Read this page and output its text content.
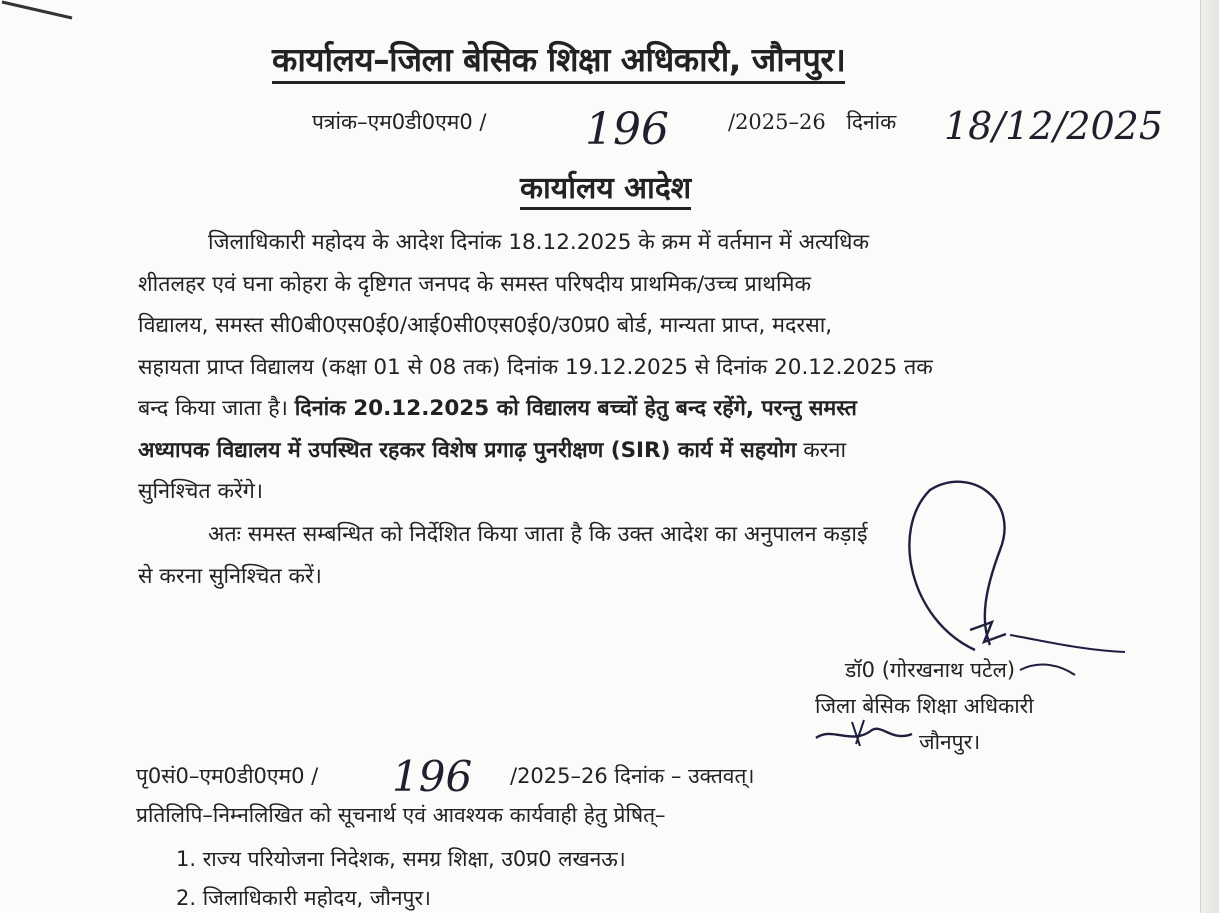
कार्यालय–जिला बेसिक शिक्षा अधिकारी, जौनपुर।
पत्रांक–एम0डी0एम0 / 196	/2025–26 दिनांक 18/12/2025
कार्यालय आदेश
जिलाधिकारी महोदय के आदेश दिनांक 18.12.2025 के क्रम में वर्तमान में अत्यधिक
शीतलहर एवं घना कोहरा के दृष्टिगत जनपद के समस्त परिषदीय प्राथमिक/उच्च प्राथमिक
विद्यालय, समस्त सी0बी0एस0ई0/आई0सी0एस0ई0/उ0प्र0 बोर्ड, मान्यता प्राप्त, मदरसा,
सहायता प्राप्त विद्यालय (कक्षा 01 से 08 तक) दिनांक 19.12.2025 से दिनांक 20.12.2025 तक
बन्द किया जाता है। दिनांक 20.12.2025 को विद्यालय बच्चों हेतु बन्द रहेंगे, परन्तु समस्त
अध्यापक विद्यालय में उपस्थित रहकर विशेष प्रगाढ़ पुनरीक्षण (SIR) कार्य में सहयोग करना
सुनिश्चित करेंगे।
अतः समस्त सम्बन्धित को निर्देशित किया जाता है कि उक्त आदेश का अनुपालन कड़ाई
से करना सुनिश्चित करें।
डॉ0 (गोरखनाथ पटेल)
जिला बेसिक शिक्षा अधिकारी
जौनपुर।
पृ0सं0–एम0डी0एम0 / 196 /2025–26 दिनांक – उक्तवत्।
प्रतिलिपि–निम्नलिखित को सूचनार्थ एवं आवश्यक कार्यवाही हेतु प्रेषित्–
1. राज्य परियोजना निदेशक, समग्र शिक्षा, उ0प्र0 लखनऊ।
2. जिलाधिकारी महोदय, जौनपुर।
